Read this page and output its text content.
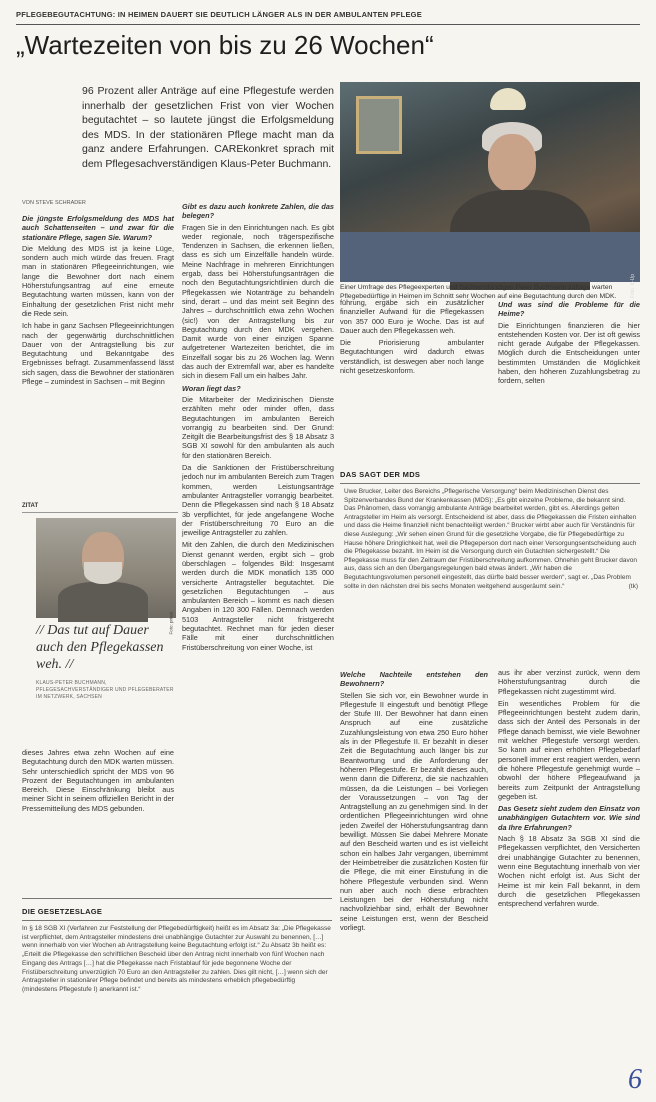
PFLEGEBEGUTACHTUNG: IN HEIMEN DAUERT SIE DEUTLICH LÄNGER ALS IN DER AMBULANTEN PFLEGE
„Wartezeiten von bis zu 26 Wochen“
96 Prozent aller Anträge auf eine Pflegestufe werden innerhalb der gesetzlichen Frist von vier Wochen begutachtet – so lautete jüngst die Erfolgsmeldung des MDS. In der stationären Pflege macht man da ganz andere Erfahrungen. CAREkonkret sprach mit dem Pflegesachverständigen Klaus-Peter Buchmann.
Foto: K-Up
Einer Umfrage des Pflegeexperten und Sachverständigen Peter Buchmann zufolge warten Pflegebedürftige in Heimen im Schnitt sehr Wochen auf eine Begutachtung durch den MDK.
VON STEVE SCHRADER

Die jüngste Erfolgsmeldung des MDS hat auch Schattenseiten – und zwar für die stationäre Pflege, sagen Sie. Warum?

Die Meldung des MDS ist ja keine Lüge, sondern auch mich würde das freuen. Fragt man in stationären Pflegeeinrichtungen, wie lange die Bewohner dort nach einem Höherstufungsantrag auf eine erneute Begutachtung warten müssen, kann von der Einhaltung der gesetzlichen Frist nicht mehr die Rede sein.

Ich habe in ganz Sachsen Pflegeeinrichtungen nach der gegenwärtig durchschnittlichen Dauer von der Antragstellung bis zur Begutachtung und Bekanntgabe des Ergebnisses befragt. Zusammenfassend lässt sich sagen, dass die Bewohner der stationären Pflege – zumindest in Sachsen – mit Beginn

Gibt es dazu auch konkrete Zahlen, die das belegen?

Fragen Sie in den Einrichtungen nach. Es gibt weder regionale, noch trägerspezifische Tendenzen in Sachsen, die erkennen ließen, dass es sich um Einzelfälle handeln würde. Meine Nachfrage in mehreren Einrichtungen ergab, dass bei Höherstufungsanträgen die noch den Begutachtungsrichtlinien durch die Pflegekassen wie Notanträge zu behandeln sind, derart – und das meint seit Beginn des Jahres – durchschnittlich etwa zehn Wochen (sic!) von der Antragstellung bis zur Begutachtung durch den MDK vergehen. Damit wurde von einer einzigen Spanne aufgetretener Wartezeiten berichtet, die im Einzelfall sogar bis zu 26 Wochen lag. Wenn das auch der Extremfall war, aber es handelte sich in diesem Fall um ein halbes Jahr.

Woran liegt das?

Die Mitarbeiter der Medizinischen Dienste erzählten mehr oder minder offen, dass Begutachtungen im ambulanten Bereich vorrangig zu bearbeiten sind. Der Grund: Zeitgilt die Bearbeitungsfrist des § 18 Absatz 3 SGB XI sowohl für den ambulanten als auch für den stationären Bereich.

Da die Sanktionen der Fristüberschreitung jedoch nur im ambulanten Bereich zum Tragen kommen, werden Leistungsanträge ambulanter Antragsteller vorrangig bearbeitet. Denn die Pflegekassen sind nach § 18 Absatz 3b verpflichtet, für jede angefangene Woche der Fristüberschreitung 70 Euro an die jeweilige Antragsteller zu zahlen.

Mit den Zahlen, die durch den Medizinischen Dienst genannt werden, ergibt sich – grob überschlagen – folgendes Bild: Insgesamt werden durch die MDK monatlich 135 000 versicherte Antragsteller begutachtet. Die gesetzlichen Begutachtungen – aus ambulanten Bereich – kommt es nach diesen Angaben in 120 300 Fällen. Demnach werden 5103 Antragsteller nicht fristgerecht begutachtet. Rechnet man für jeden dieser Fälle mit einer durchschnittlichen Fristüberschreitung von einer Woche, ist

führung, ergäbe sich ein zusätzlicher finanzieller Aufwand für die Pflegekassen von 357 000 Euro je Woche. Das ist auf Dauer auch den Pflegekassen weh.

Die Priorisierung ambulanter Begutachtungen wird dadurch etwas verständlich, ist deswegen aber noch lange nicht gesetzeskonform.

Und was sind die Probleme für die Heime?

Die Einrichtungen finanzieren die hier entstehenden Kosten vor. Der ist oft gewiss nicht gerade Aufgabe der Pflegekassen. Möglich durch die Entscheidungen unter bestimmten Umständen die Möglichkeit haben, den höheren Zuzahlungsbetrag zu fordern, selten

DAS SAGT DER MDS
Uwe Brucker, Leiter des Bereichs „Pflegerische Versorgung“ beim Medizinischen Dienst des Spitzenverbandes Bund der Krankenkassen (MDS): „Es gibt einzelne Probleme, die bekannt sind. Das Phänomen, dass vorrangig ambulante Anträge bearbeitet werden, gibt es. Allerdings gelten Antragsteller im Heim als versorgt. Entscheidend ist aber, dass die Pflegekassen die Fristen einhalten und dass die Heime finanziell nicht benachteiligt werden.“ Brucker wirbt aber auch für Verständnis für diese Auslegung: „Wir sehen einen Grund für die gesetzliche Vorgabe, die für Pflegebedürftige zu Hause höhere Dringlichkeit hat, weil die Pflegeperson dort nach einer Versorgungsentscheidung auch die Pflegekasse bezahlt. Im Heim ist die Versorgung durch ein Gutachten sichergestellt.“ Die Pflegekasse muss für den Zeitraum der Fristüberschreitung aufkommen. Ohnehin geht Brucker davon aus, dass sich an den Übergangsregelungen bald etwas ändert. „Wir haben die Begutachtungsvolumen personell eingestellt, das dürfte bald besser werden“, sagt er. „Das Problem sollte in den nächsten drei bis sechs Monaten weitgehend ausgeräumt sein.“	(tk)
ZITAT
Foto: privat
// Das tut auf Dauer auch den Pflegekassen weh. //
KLAUS-PETER BUCHMANN, PFLEGESACHVERSTÄNDIGER UND PFLEGEBERATER IM NETZWERK, SACHSEN

dieses Jahres etwa zehn Wochen auf eine Begutachtung durch den MDK warten müssen. Sehr unterschiedlich spricht der MDS von 96 Prozent der Begutachtungen im ambulanten Bereich. Diese Einschränkung bleibt aus meiner Sicht in seinem offiziellen Bericht in der Pressemitteilung des MDS gebunden.

DIE GESETZESLAGE
In § 18 SGB XI (Verfahren zur Feststellung der Pflegebedürftigkeit) heißt es im Absatz 3a: „Die Pflegekasse ist verpflichtet, dem Antragsteller mindestens drei unabhängige Gutachter zur Auswahl zu benennen, […] wenn innerhalb von vier Wochen ab Antragstellung keine Begutachtung erfolgt ist.“ Zu Absatz 3b heißt es: „Erteilt die Pflegekasse den schriftlichen Bescheid über den Antrag nicht innerhalb von fünf Wochen nach Eingang des Antrags […] hat die Pflegekasse nach Fristablauf für jede begonnene Woche der Fristüberschreitung unverzüglich 70 Euro an den Antragsteller zu zahlen. Dies gilt nicht, […] wenn sich der Antragsteller in stationärer Pflege befindet und bereits als mindestens erheblich pflegebedürftig (mindestens Pflegestufe I) anerkannt ist.“

Welche Nachteile entstehen den Bewohnern?

Stellen Sie sich vor, ein Bewohner wurde in Pflegestufe II eingestuft und benötigt Pflege der Stufe III. Der Bewohner hat dann einen Anspruch auf eine zusätzliche Zuzahlungsleistung von etwa 250 Euro höher als in der Pflegestufe II. Er bezahlt in dieser Zeit die Begutachtung auch länger bis zur Beantwortung und die Anforderung der höheren Pflegestufe. Er bezahlt dieses auch, wenn dann die Differenz, die sie nachzahlen müssen, da die Leistungen – bei Vorliegen der Voraussetzungen – von Tag der Antragstellung an zu genehmigen sind. In der ordentlichen Pflegeeinrichtungen wird ohne jeden Zweifel der Höherstufungsantrag dann bewilligt. Müssen Sie dabei Mehrere Monate auf den Bescheid warten und es ist vielleicht schon ein halbes Jahr vergangen, übernimmt der Heimbetreiber die zusätzlichen Kosten für die Pflege, die mit einer Einstufung in die höhere Pflegestufe verbunden sind. Wenn nun aber auch noch diese erbrachten Leistungen bei der Höherstufung nicht nachvollziehbar sind, erhält der Bewohner seine Leistungen erst, wenn der Bescheid vorliegt.

aus ihr aber verzinst zurück, wenn dem Höherstufungsantrag durch die Pflegekassen nicht zugestimmt wird.

Ein wesentliches Problem für die Pflegeeinrichtungen besteht zudem darin, dass sich der Anteil des Personals in der Pflege danach bemisst, wie viele Bewohner mit welcher Pflegestufe versorgt werden. So kann auf einen erhöhten Pflegebedarf personell immer erst reagiert werden, wenn die höhere Pflegestufe genehmigt wurde – obwohl der höhere Pflegeaufwand ja bereits zum Zeitpunkt der Antragstellung gegeben ist.

Das Gesetz sieht zudem den Einsatz von unabhängigen Gutachtern vor. Wie sind da Ihre Erfahrungen?

Nach § 18 Absatz 3a SGB XI sind die Pflegekassen verpflichtet, den Versicherten drei unabhängige Gutachter zu benennen, wenn eine Begutachtung innerhalb von vier Wochen nicht erfolgt ist. Aus Sicht der Heime ist mir kein Fall bekannt, in dem durch die gesetzlichen Pflegekassen entsprechend verfahren wurde.

6
